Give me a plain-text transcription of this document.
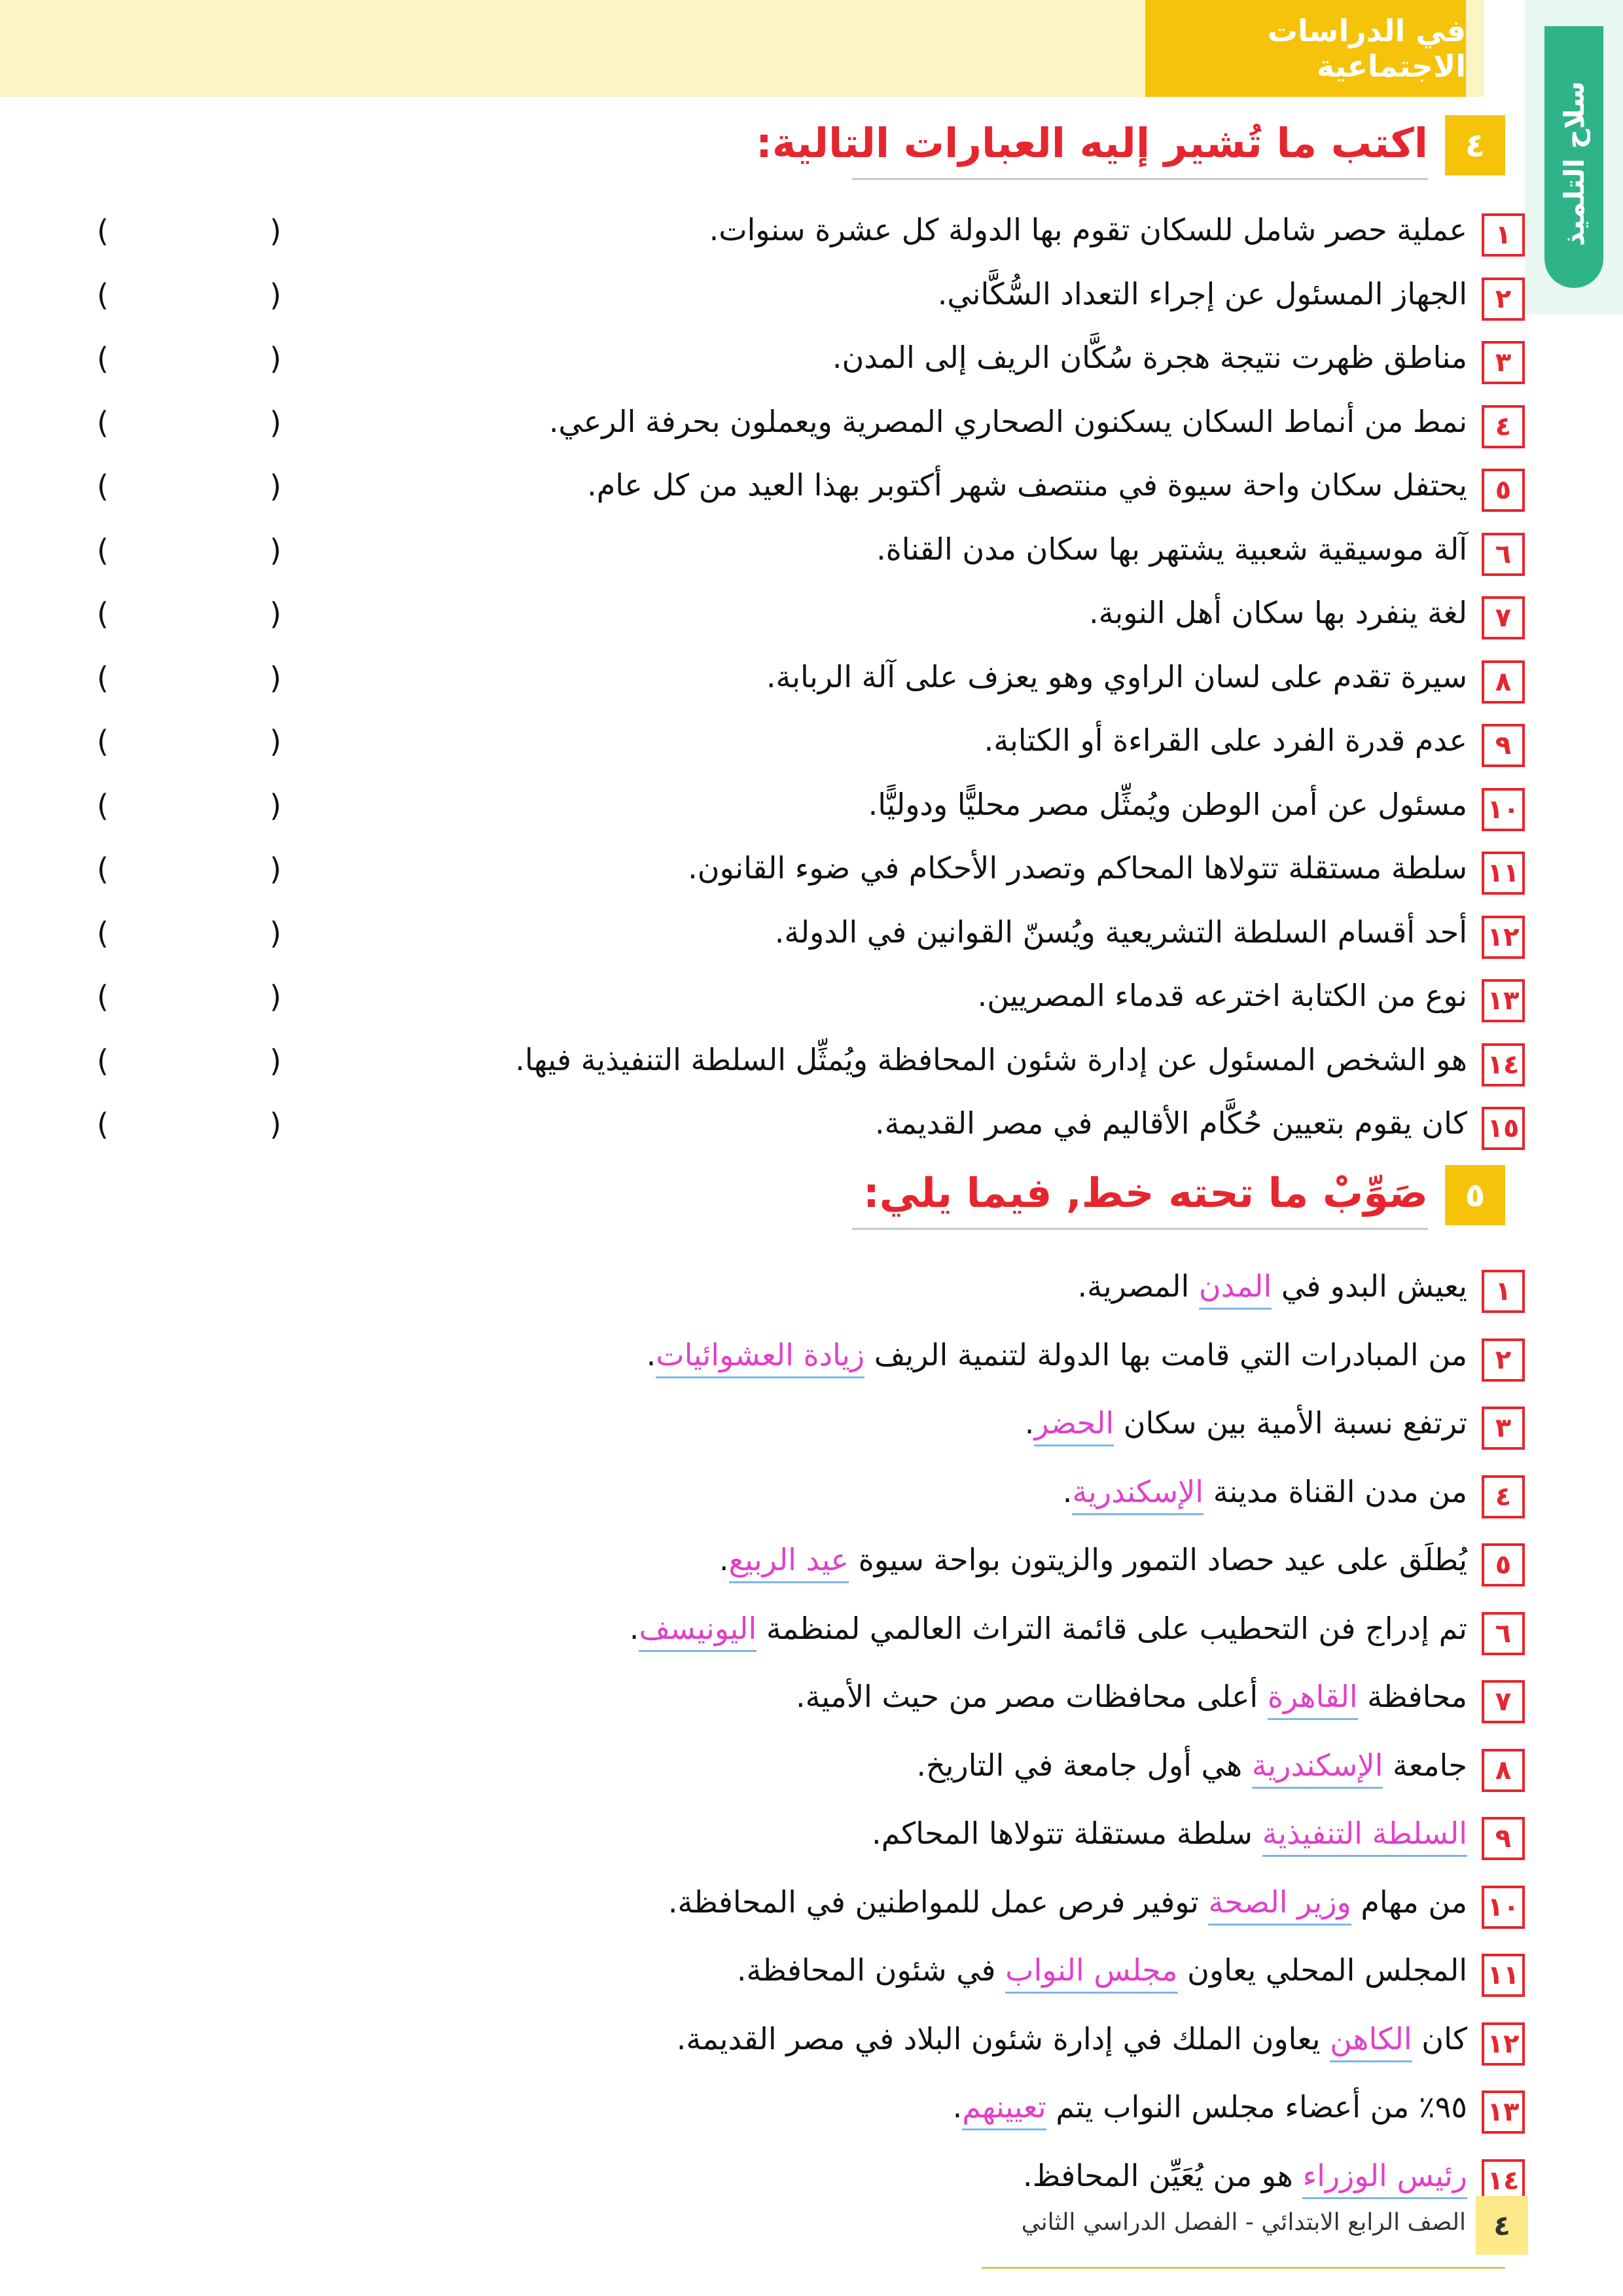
في الدراسات الاجتماعية
سلاح التلميذ
٤
اكتب ما تُشير إليه العبارات التالية:
١
عملية حصر شامل للسكان تقوم بها الدولة كل عشرة سنوات.
(
)
٢
الجهاز المسئول عن إجراء التعداد السُّكَّاني.
(
)
٣
مناطق ظهرت نتيجة هجرة سُكَّان الريف إلى المدن.
(
)
٤
نمط من أنماط السكان يسكنون الصحاري المصرية ويعملون بحرفة الرعي.
(
)
٥
يحتفل سكان واحة سيوة في منتصف شهر أكتوبر بهذا العيد من كل عام.
(
)
٦
آلة موسيقية شعبية يشتهر بها سكان مدن القناة.
(
)
٧
لغة ينفرد بها سكان أهل النوبة.
(
)
٨
سيرة تقدم على لسان الراوي وهو يعزف على آلة الربابة.
(
)
٩
عدم قدرة الفرد على القراءة أو الكتابة.
(
)
١٠
مسئول عن أمن الوطن ويُمثِّل مصر محليًّا ودوليًّا.
(
)
١١
سلطة مستقلة تتولاها المحاكم وتصدر الأحكام في ضوء القانون.
(
)
١٢
أحد أقسام السلطة التشريعية ويُسنّ القوانين في الدولة.
(
)
١٣
نوع من الكتابة اخترعه قدماء المصريين.
(
)
١٤
هو الشخص المسئول عن إدارة شئون المحافظة ويُمثِّل السلطة التنفيذية فيها.
(
)
١٥
كان يقوم بتعيين حُكَّام الأقاليم في مصر القديمة.
(
)
٥
صَوِّبْ ما تحته خط, فيما يلي:
١
يعيش البدو في المدن المصرية.
٢
من المبادرات التي قامت بها الدولة لتنمية الريف زيادة العشوائيات.
٣
ترتفع نسبة الأمية بين سكان الحضر.
٤
من مدن القناة مدينة الإسكندرية.
٥
يُطلَق على عيد حصاد التمور والزيتون بواحة سيوة عيد الربيع.
٦
تم إدراج فن التحطيب على قائمة التراث العالمي لمنظمة اليونيسف.
٧
محافظة القاهرة أعلى محافظات مصر من حيث الأمية.
٨
جامعة الإسكندرية هي أول جامعة في التاريخ.
٩
السلطة التنفيذية سلطة مستقلة تتولاها المحاكم.
١٠
من مهام وزير الصحة توفير فرص عمل للمواطنين في المحافظة.
١١
المجلس المحلي يعاون مجلس النواب في شئون المحافظة.
١٢
كان الكاهن يعاون الملك في إدارة شئون البلاد في مصر القديمة.
١٣
٩٥٪ من أعضاء مجلس النواب يتم تعيينهم.
١٤
رئيس الوزراء هو من يُعَيِّن المحافظ.
الصف الرابع الابتدائي - الفصل الدراسي الثاني	٤
